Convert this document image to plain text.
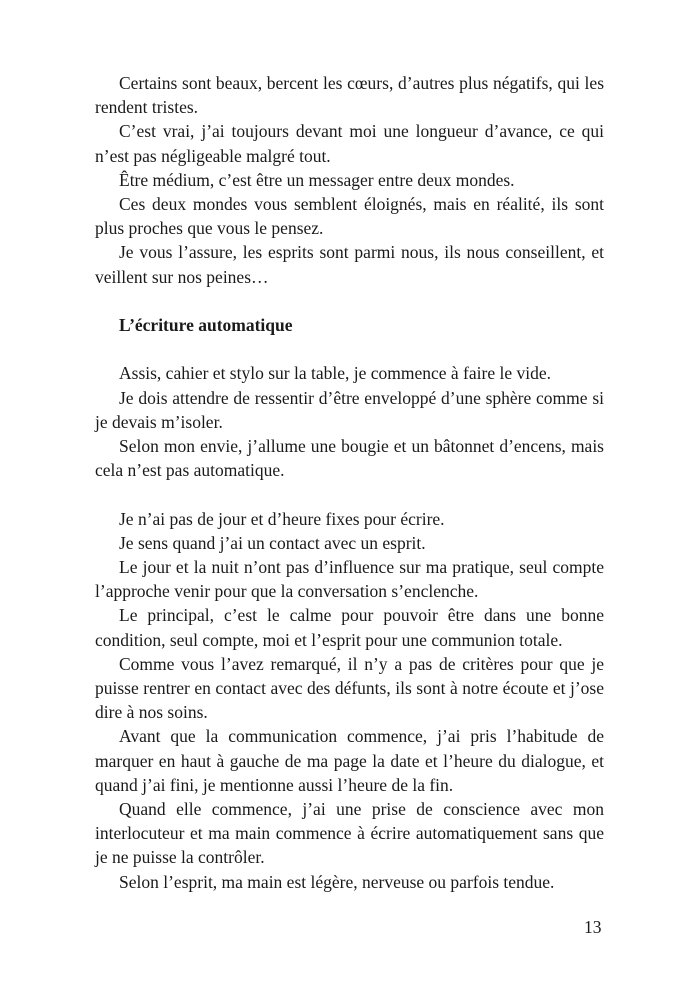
Certains sont beaux, bercent les cœurs, d’autres plus négatifs, qui les rendent tristes.

C’est vrai, j’ai toujours devant moi une longueur d’avance, ce qui n’est pas négligeable malgré tout.

Être médium, c’est être un messager entre deux mondes.

Ces deux mondes vous semblent éloignés, mais en réalité, ils sont plus proches que vous le pensez.

Je vous l’assure, les esprits sont parmi nous, ils nous conseillent, et veillent sur nos peines…

L’écriture automatique

Assis, cahier et stylo sur la table, je commence à faire le vide.

Je dois attendre de ressentir d’être enveloppé d’une sphère comme si je devais m’isoler.

Selon mon envie, j’allume une bougie et un bâtonnet d’encens, mais cela n’est pas automatique.

Je n’ai pas de jour et d’heure fixes pour écrire.

Je sens quand j’ai un contact avec un esprit.

Le jour et la nuit n’ont pas d’influence sur ma pratique, seul compte l’approche venir pour que la conversation s’enclenche.

Le principal, c’est le calme pour pouvoir être dans une bonne condition, seul compte, moi et l’esprit pour une communion totale.

Comme vous l’avez remarqué, il n’y a pas de critères pour que je puisse rentrer en contact avec des défunts, ils sont à notre écoute et j’ose dire à nos soins.

Avant que la communication commence, j’ai pris l’habitude de marquer en haut à gauche de ma page la date et l’heure du dialogue, et quand j’ai fini, je mentionne aussi l’heure de la fin.

Quand elle commence, j’ai une prise de conscience avec mon interlocuteur et ma main commence à écrire automatiquement sans que je ne puisse la contrôler.

Selon l’esprit, ma main est légère, nerveuse ou parfois tendue.

13
